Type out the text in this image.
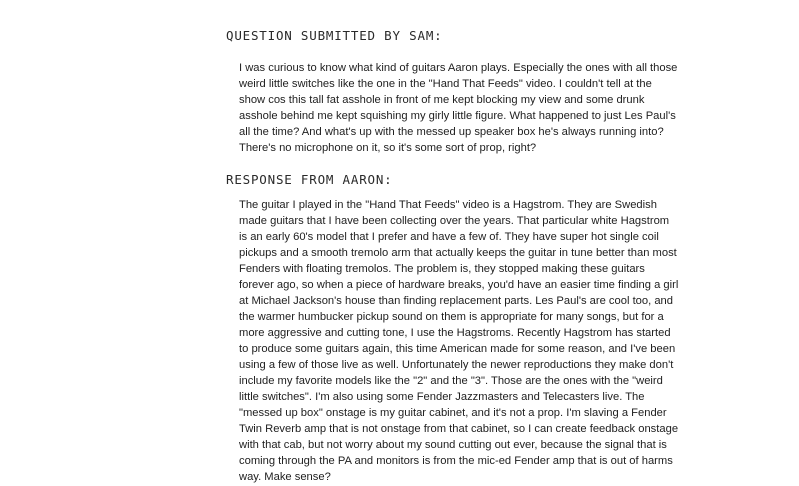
QUESTION SUBMITTED BY SAM:

I was curious to know what kind of guitars Aaron plays. Especially the ones with all those weird little switches like the one in the "Hand That Feeds" video. I couldn't tell at the show cos this tall fat asshole in front of me kept blocking my view and some drunk asshole behind me kept squishing my girly little figure. What happened to just Les Paul's all the time? And what's up with the messed up speaker box he's always running into? There's no microphone on it, so it's some sort of prop, right?

RESPONSE FROM AARON:

The guitar I played in the "Hand That Feeds" video is a Hagstrom. They are Swedish made guitars that I have been collecting over the years. That particular white Hagstrom is an early 60's model that I prefer and have a few of. They have super hot single coil pickups and a smooth tremolo arm that actually keeps the guitar in tune better than most Fenders with floating tremolos. The problem is, they stopped making these guitars forever ago, so when a piece of hardware breaks, you'd have an easier time finding a girl at Michael Jackson's house than finding replacement parts. Les Paul's are cool too, and the warmer humbucker pickup sound on them is appropriate for many songs, but for a more aggressive and cutting tone, I use the Hagstroms. Recently Hagstrom has started to produce some guitars again, this time American made for some reason, and I've been using a few of those live as well. Unfortunately the newer reproductions they make don't include my favorite models like the "2" and the "3". Those are the ones with the "weird little switches". I'm also using some Fender Jazzmasters and Telecasters live. The "messed up box" onstage is my guitar cabinet, and it's not a prop. I'm slaving a Fender Twin Reverb amp that is not onstage from that cabinet, so I can create feedback onstage with that cab, but not worry about my sound cutting out ever, because the signal that is coming through the PA and monitors is from the mic-ed Fender amp that is out of harms way. Make sense?
